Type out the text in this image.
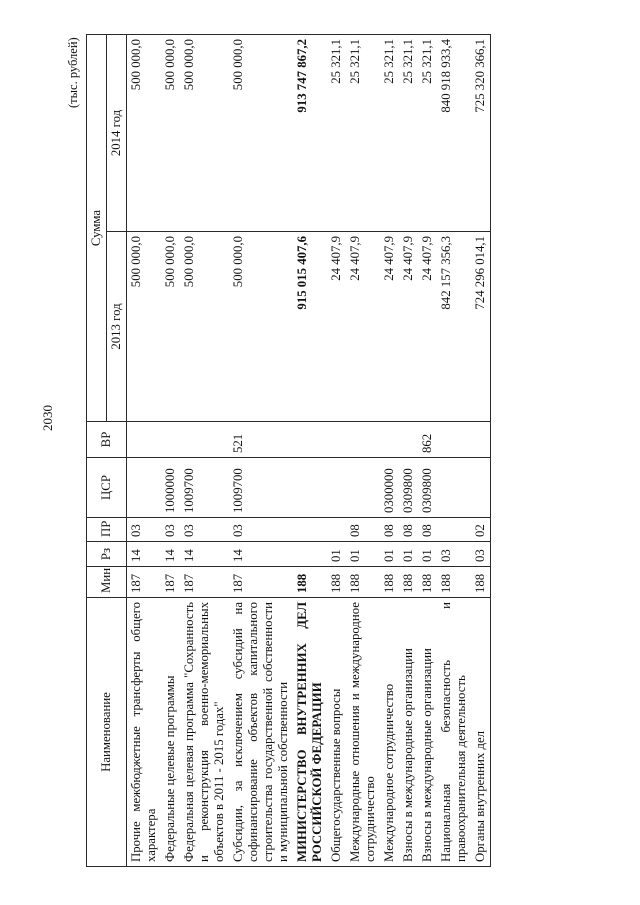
2030
(тыс. рублей)
Наименование	Мин	Рз	ПР	ЦСР	ВР	Сумма	
						2013 год	2014 год
Прочие межбюджетные трансферты общего характера	187	14	03			500 000,0	500 000,0
Федеральные целевые программы	187	14	03	1000000		500 000,0	500 000,0
Федеральная целевая программа "Сохранность и реконструкция военно-мемориальных объектов в 2011 - 2015 годах"	187	14	03	1009700		500 000,0	500 000,0
Субсидии, за исключением субсидий на софинансирование объектов капитального строительства государственной собственности и муниципальной собственности	187	14	03	1009700	521	500 000,0	500 000,0
МИНИСТЕРСТВО ВНУТРЕННИХ ДЕЛ РОССИЙСКОЙ ФЕДЕРАЦИИ	188					915 015 407,6	913 747 867,2
Общегосударственные вопросы	188	01				24 407,9	25 321,1
Международные отношения и международное сотрудничество	188	01	08			24 407,9	25 321,1
Международное сотрудничество	188	01	08	0300000		24 407,9	25 321,1
Взносы в международные организации	188	01	08	0309800		24 407,9	25 321,1
Взносы в международные организации	188	01	08	0309800	862	24 407,9	25 321,1
Национальная безопасность и правоохранительная деятельность	188	03				842 157 356,3	840 918 933,4
Органы внутренних дел	188	03	02			724 296 014,1	725 320 366,1
